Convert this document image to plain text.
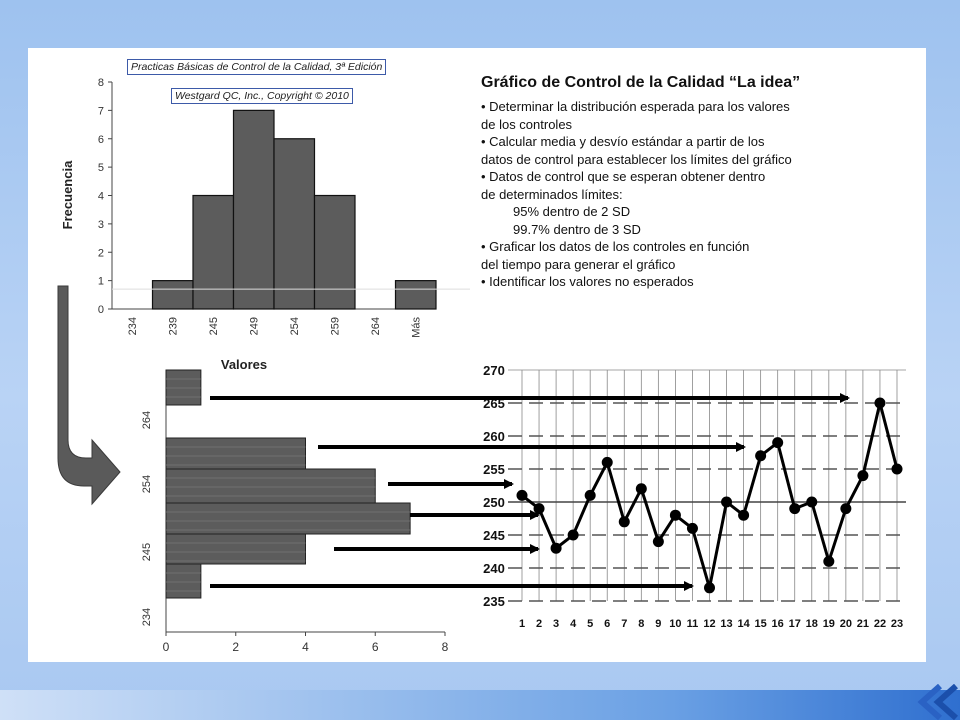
Practicas Básicas de Control de la Calidad, 3ª Edición
Westgard QC, Inc., Copyright © 2010
Gráfico de Control de la Calidad “La idea”
• Determinar la distribución esperada para los valores
de los controles
• Calcular media y desvío estándar a partir de los
datos de control para establecer los límites del gráfico
• Datos de control que se esperan obtener dentro
de determinados límites:
95% dentro de 2 SD
99.7% dentro de 3 SD
• Graficar los datos de los controles en función
del tiempo para generar el gráfico
• Identificar los valores no esperados
0
1
2
3
4
5
6
7
8
234	239	245	249	254	259	264	Más
Valores
Frecuencia
234
245
254
264
0	2	4	6	8
270
265
260
255
250
245
240
235
1 2 3 4 5 6 7 8 9 10 11 12 13 14 15 16 17 18 19 20 21 22 23
